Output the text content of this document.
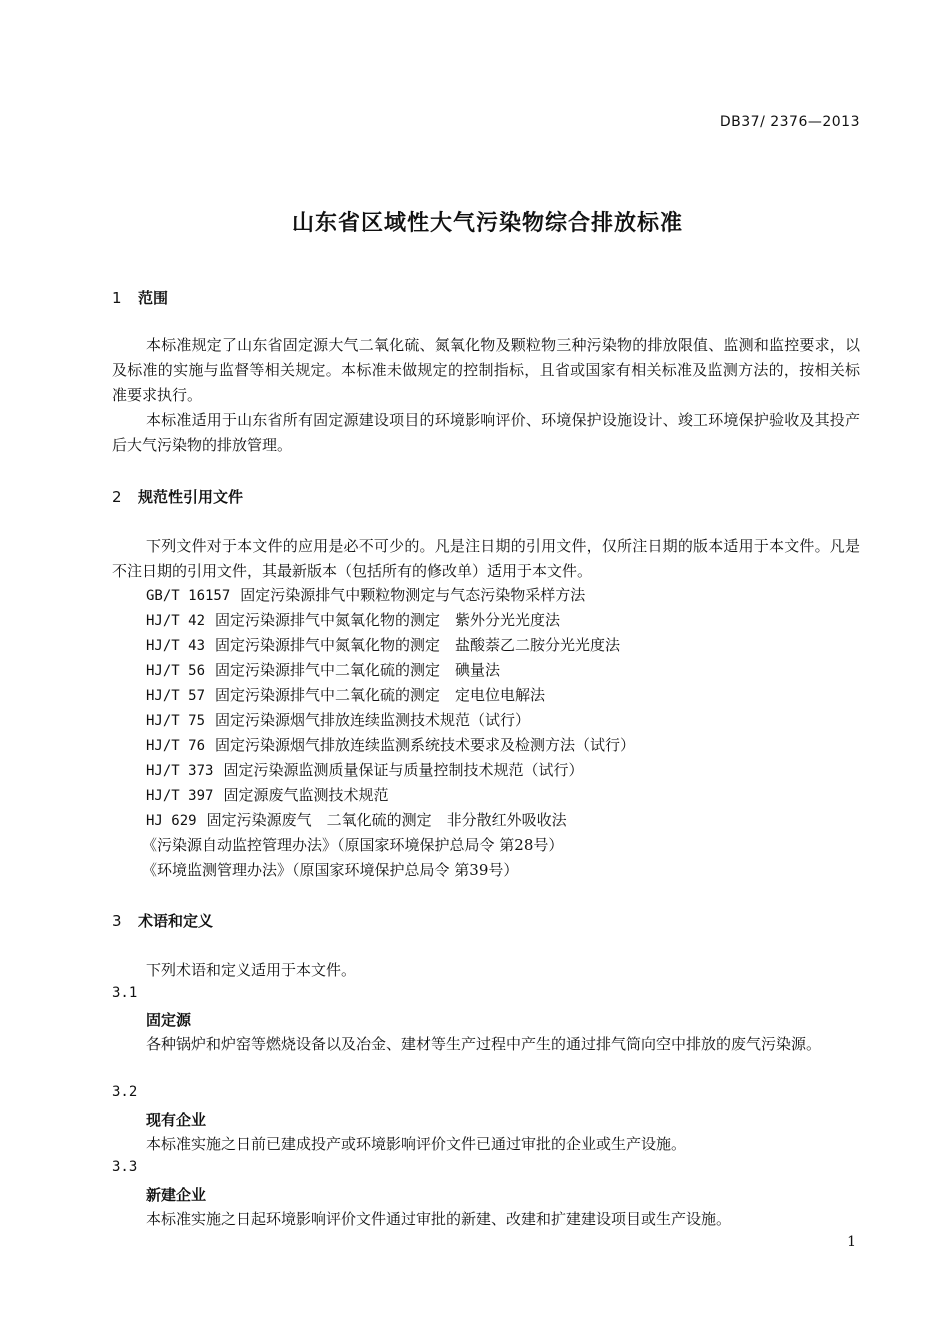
DB37/ 2376—2013
山东省区域性大气污染物综合排放标准
1 范围
本标准规定了山东省固定源大气二氧化硫、氮氧化物及颗粒物三种污染物的排放限值、监测和监控要求，以及标准的实施与监督等相关规定。本标准未做规定的控制指标，且省或国家有相关标准及监测方法的，按相关标准要求执行。
本标准适用于山东省所有固定源建设项目的环境影响评价、环境保护设施设计、竣工环境保护验收及其投产后大气污染物的排放管理。
2 规范性引用文件
下列文件对于本文件的应用是必不可少的。凡是注日期的引用文件，仅所注日期的版本适用于本文件。凡是不注日期的引用文件，其最新版本（包括所有的修改单）适用于本文件。
GB/T 16157 固定污染源排气中颗粒物测定与气态污染物采样方法
HJ/T 42 固定污染源排气中氮氧化物的测定　紫外分光光度法
HJ/T 43 固定污染源排气中氮氧化物的测定　盐酸萘乙二胺分光光度法
HJ/T 56 固定污染源排气中二氧化硫的测定　碘量法
HJ/T 57 固定污染源排气中二氧化硫的测定　定电位电解法
HJ/T 75 固定污染源烟气排放连续监测技术规范（试行）
HJ/T 76 固定污染源烟气排放连续监测系统技术要求及检测方法（试行）
HJ/T 373 固定污染源监测质量保证与质量控制技术规范（试行）
HJ/T 397 固定源废气监测技术规范
HJ 629 固定污染源废气　二氧化硫的测定　非分散红外吸收法
《污染源自动监控管理办法》（原国家环境保护总局令 第28号）
《环境监测管理办法》（原国家环境保护总局令 第39号）
3 术语和定义
下列术语和定义适用于本文件。
3.1
固定源
各种锅炉和炉窑等燃烧设备以及冶金、建材等生产过程中产生的通过排气筒向空中排放的废气污染源。
3.2
现有企业
本标准实施之日前已建成投产或环境影响评价文件已通过审批的企业或生产设施。
3.3
新建企业
本标准实施之日起环境影响评价文件通过审批的新建、改建和扩建建设项目或生产设施。
1
